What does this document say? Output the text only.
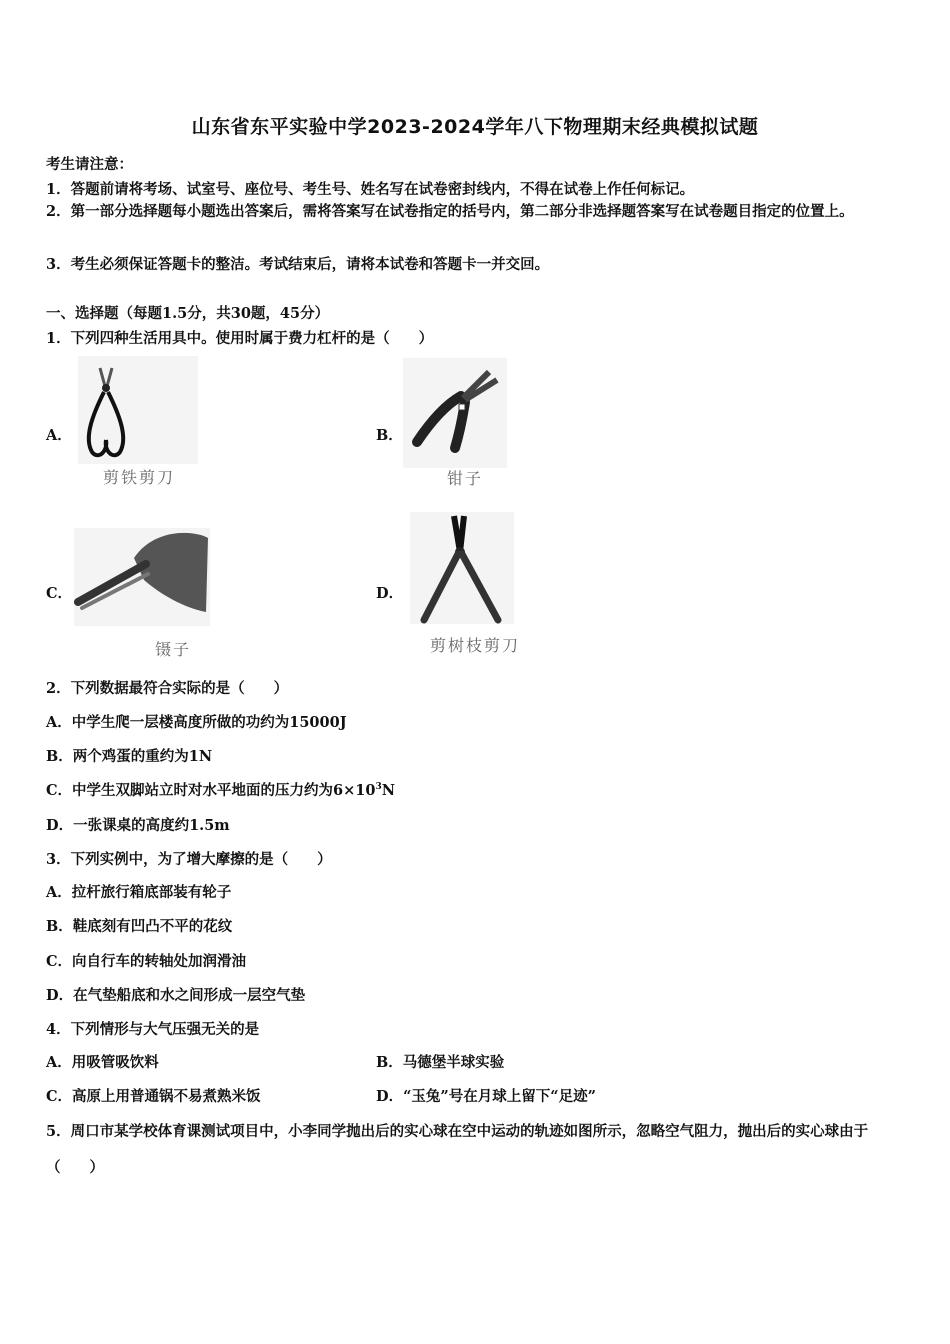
山东省东平实验中学2023-2024学年八下物理期末经典模拟试题
考生请注意：
1．答题前请将考场、试室号、座位号、考生号、姓名写在试卷密封线内，不得在试卷上作任何标记。
2．第一部分选择题每小题选出答案后，需将答案写在试卷指定的括号内，第二部分非选择题答案写在试卷题目指定的位置上。
3．考生必须保证答题卡的整洁。考试结束后，请将本试卷和答题卡一并交回。
一、选择题（每题1.5分，共30题，45分）
1．下列四种生活用具中。使用时属于费力杠杆的是（　　）
A．
剪铁剪刀
B．
钳子
C．
镊子
D．
剪树枝剪刀
2．下列数据最符合实际的是（　　）
A．中学生爬一层楼高度所做的功约为15000J
B．两个鸡蛋的重约为1N
C．中学生双脚站立时对水平地面的压力约为$6\times 10^3N$
D．一张课桌的高度约1.5m
3．下列实例中，为了增大摩擦的是（　　）
A．拉杆旅行箱底部装有轮子
B．鞋底刻有凹凸不平的花纹
C．向自行车的转轴处加润滑油
D．在气垫船底和水之间形成一层空气垫
4．下列情形与大气压强无关的是
A．用吸管吸饮料	B．马德堡半球实验
C．高原上用普通锅不易煮熟米饭	D．“玉兔”号在月球上留下“足迹”
5．周口市某学校体育课测试项目中，小李同学抛出后的实心球在空中运动的轨迹如图所示，忽略空气阻力，抛出后的实心球由于（　　）
